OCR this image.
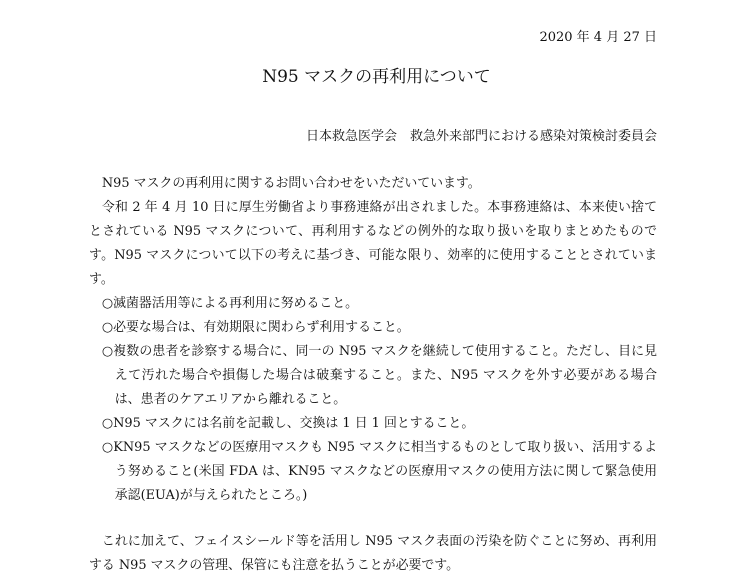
2020 年 4 月 27 日
N95 マスクの再利用について
日本救急医学会　救急外来部門における感染対策検討委員会

N95 マスクの再利用に関するお問い合わせをいただいています。

令和 2 年 4 月 10 日に厚生労働省より事務連絡が出されました。本事務連絡は、本来使い捨てとされている N95 マスクについて、再利用するなどの例外的な取り扱いを取りまとめたものです。N95 マスクについて以下の考えに基づき、可能な限り、効率的に使用することとされています。

○滅菌器活用等による再利用に努めること。

○必要な場合は、有効期限に関わらず利用すること。

○複数の患者を診察する場合に、同一の N95 マスクを継続して使用すること。ただし、目に見えて汚れた場合や損傷した場合は破棄すること。また、N95 マスクを外す必要がある場合は、患者のケアエリアから離れること。

○N95 マスクには名前を記載し、交換は 1 日 1 回とすること。

○KN95 マスクなどの医療用マスクも N95 マスクに相当するものとして取り扱い、活用するよう努めること(米国 FDA は、KN95 マスクなどの医療用マスクの使用方法に関して緊急使用承認(EUA)が与えられたところ。)

これに加えて、フェイスシールド等を活用し N95 マスク表面の汚染を防ぐことに努め、再利用する N95 マスクの管理、保管にも注意を払うことが必要です。
